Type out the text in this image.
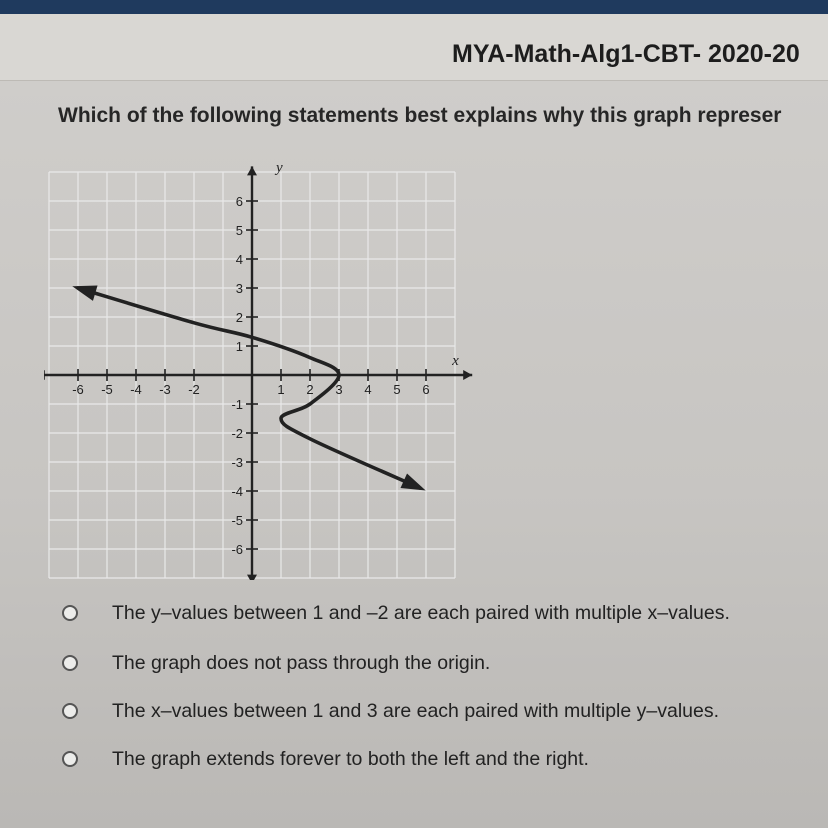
MYA-Math-Alg1-CBT- 2020-20
Which of the following statements best explains why this graph represer
-6 -5 -4 -3 -2	1 2 3 4 5 6
6
5
4
3
2
1
-1
-2
-3
-4
-5
-6
x
y
The y–values between 1 and –2 are each paired with multiple x–values.
The graph does not pass through the origin.
The x–values between 1 and 3 are each paired with multiple y–values.
The graph extends forever to both the left and the right.
